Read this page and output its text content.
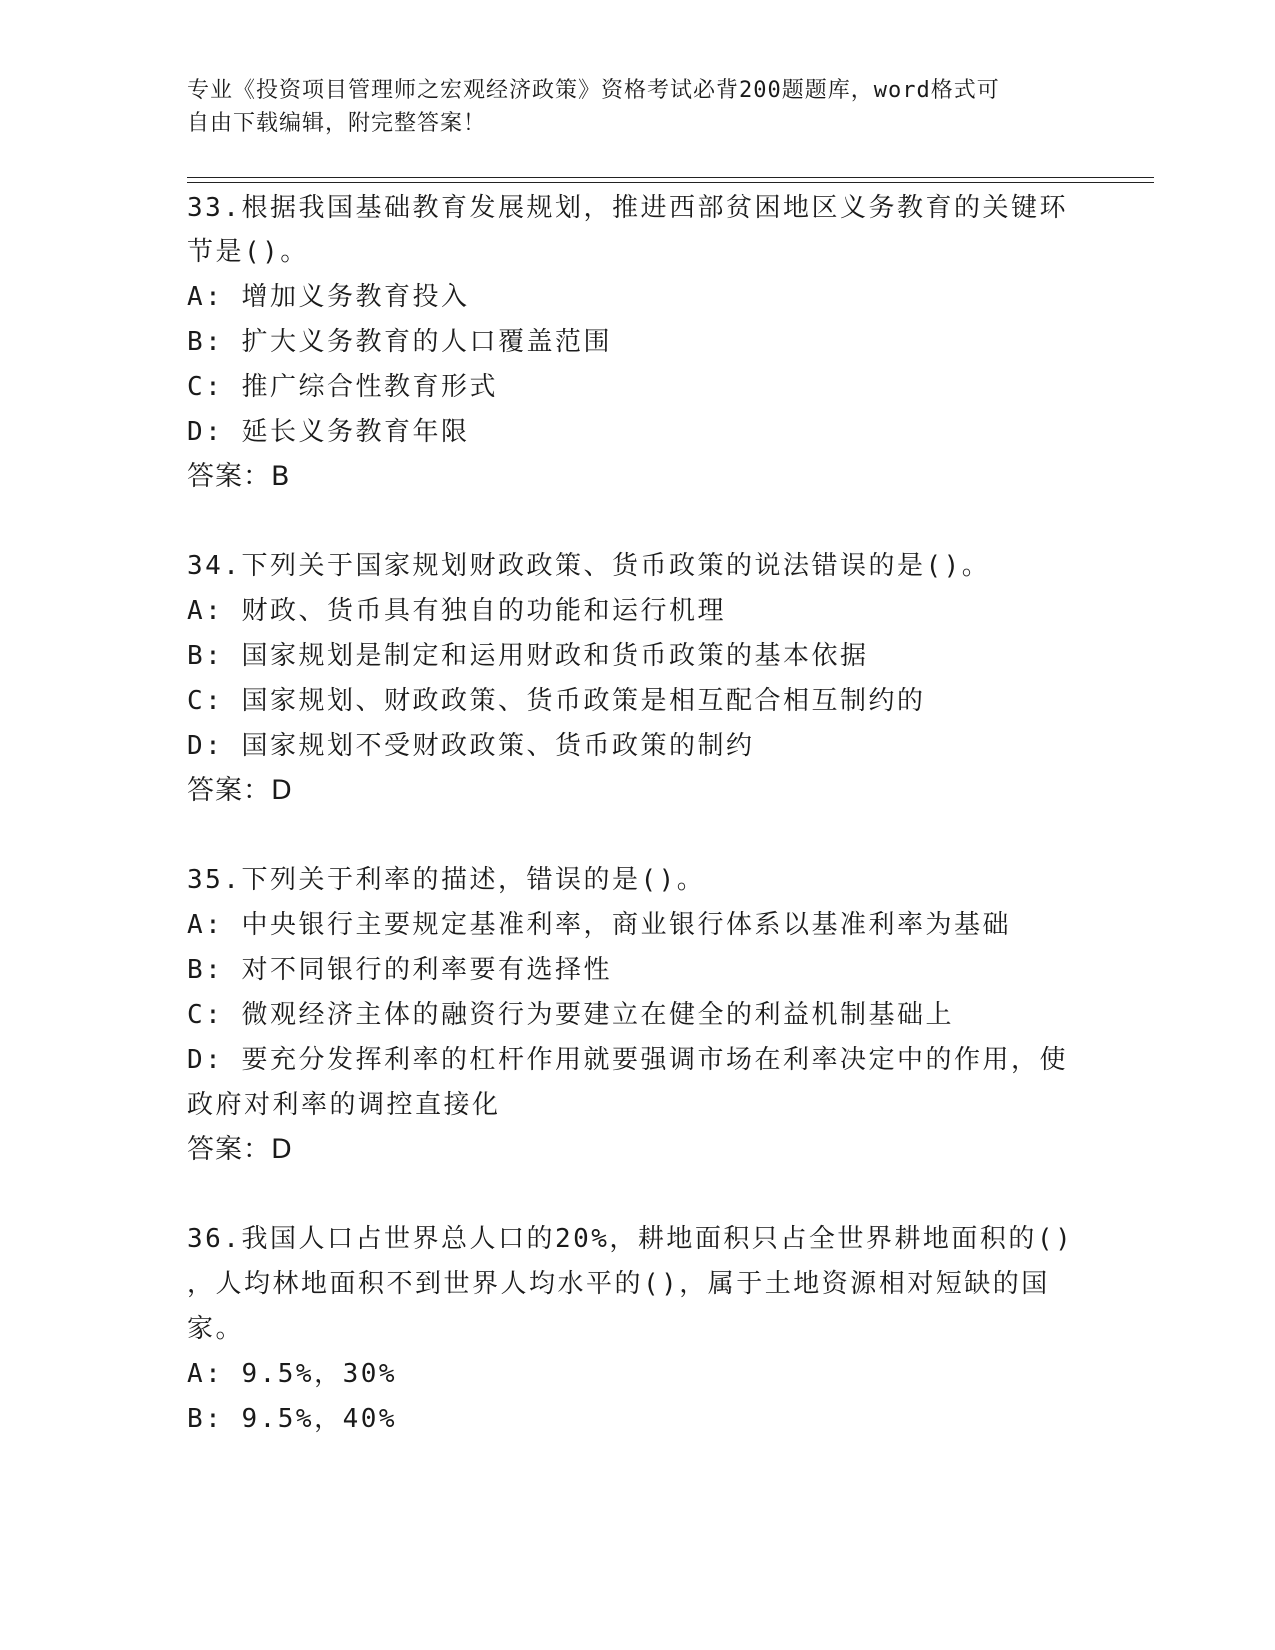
专业《投资项目管理师之宏观经济政策》资格考试必背200题题库，word格式可
自由下载编辑，附完整答案！
33.根据我国基础教育发展规划，推进西部贫困地区义务教育的关键环
节是()。
A: 增加义务教育投入
B: 扩大义务教育的人口覆盖范围
C: 推广综合性教育形式
D: 延长义务教育年限
答案：B
34.下列关于国家规划财政政策、货币政策的说法错误的是()。
A: 财政、货币具有独自的功能和运行机理
B: 国家规划是制定和运用财政和货币政策的基本依据
C: 国家规划、财政政策、货币政策是相互配合相互制约的
D: 国家规划不受财政政策、货币政策的制约
答案：D
35.下列关于利率的描述，错误的是()。
A: 中央银行主要规定基准利率，商业银行体系以基准利率为基础
B: 对不同银行的利率要有选择性
C: 微观经济主体的融资行为要建立在健全的利益机制基础上
D: 要充分发挥利率的杠杆作用就要强调市场在利率决定中的作用，使
政府对利率的调控直接化
答案：D
36.我国人口占世界总人口的20%，耕地面积只占全世界耕地面积的()
，人均林地面积不到世界人均水平的()，属于土地资源相对短缺的国
家。
A: 9.5%，30%
B: 9.5%，40%
